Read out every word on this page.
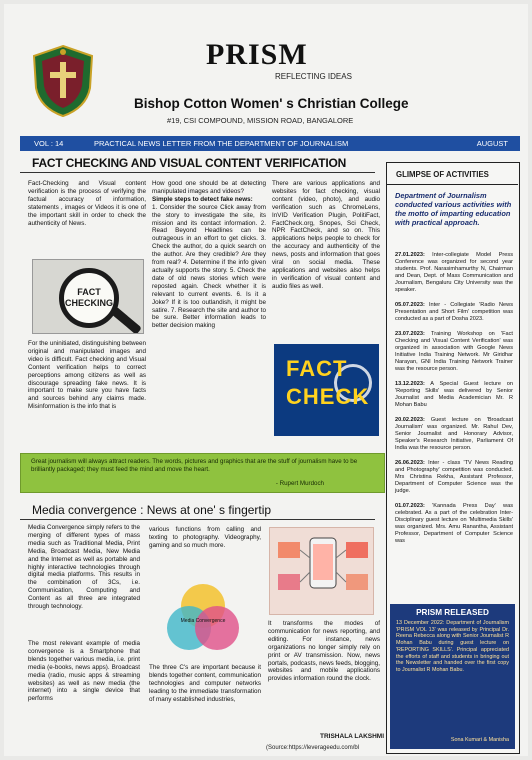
PRISM
REFLECTING IDEAS
Bishop Cotton Women' s Christian College
#19, CSI COMPOUND, MISSION ROAD, BANGALORE
VOL : 14	PRACTICAL NEWS LETTER FROM THE DEPARTMENT OF JOURNALISM	AUGUST
FACT CHECKING AND VISUAL CONTENT VERIFICATION

Fact-Checking and Visual content verification is the process of verifying the factual accuracy of information, statements , images or Videos it is one of the important skill in order to check the authenticity of News.

FACT CHECKING

For the uninitiated, distinguishing between original and manipulated images and video is difficult. Fact checking and Visual Content verification helps to correct perceptions among citizens as well as discourage spreading fake news. It is important to make sure you have facts and sources behind any claims made. Misinformation is the info that is

How good one should be at detecting manipulated images and videos?

Simple steps to detect fake news:

1. Consider the source Click away from the story to investigate the site, its mission and its contact information. 2. Read Beyond Headlines can be outrageous in an effort to get clicks. 3. Check the author, do a quick search on the author. Are they credible? Are they from real? 4. Determine if the info given actually supports the story. 5. Check the date of old news stories which were reposted again. Check whether it is relevant to current events. 6. Is it a Joke? If it is too outlandish, it might be satire. 7. Research the site and author to be sure. Better information leads to better decision making

There are various applications and websites for fact checking, visual content (video, photo), and audio verification such as ChromeLens, InVID Verification Plugin, PolitiFact, FactCheck.org, Snopes, Sci Check, NPR FactCheck, and so on. This applications helps people to check for the accuracy and authenticity of the news, posts and information that goes viral on social media. These applications and websites also helps in verification of visual content and audio files as well.

FACT
CHECK
Great journalism will always attract readers. The words, pictures and graphics that are the stuff of journalism have to be brilliantly packaged; they must feed the mind and move the heart.
- Rupert Murdoch
Media convergence : News at one' s fingertip

Media Convergence simply refers to the merging of different types of mass media such as Traditional Media, Print Media, Broadcast Media, New Media and the Internet as well as portable and highly interactive technologies through digital media platforms. This results in the combination of 3Cs, i.e. Communication, Computing and Content as all three are integrated through technology.

The most relevant example of media convergence is a Smartphone that blends together various media, i.e. print media (e-books, news apps). Broadcast media (radio, music apps & streaming websites) as well as new media (the internet) into a single device that performs

various functions from calling and texting to photography. Videography, gaming and so much more.

Media Convergence

The three C's are important because it blends together content, communication technologies and computer networks leading to the immediate transformation of many established industries,

It transforms the modes of communication for news reporting, and editing. For instance, news organizations no longer simply rely on print or AV transmission. Now, news portals, podcasts, news feeds, blogging, websites and mobile applications provides information round the clock.

TRISHALA LAKSHMI
(Source:https://leverageedu.com/bl
GLIMPSE OF ACTIVITIES
Department of Journalism conducted various activities with the motto of imparting education with practical approach.
27.01.2023: Inter-collegiate Model Press Conference was organized for second year students. Prof. Narasimhamurthy N, Chairman and Dean, Dept. of Mass Communication and Journalism, Bengaluru City University was the speaker.
05.07.2023: Inter - Collegiate 'Radio News Presentation and Short Film' competition was conducted as a part of Dosha 2023.
23.07.2023: Training Workshop on 'Fact Checking and Visual Content Verification' was organized in association with Google News Initiative India Training Network. Mr Giridhar Narayan, GNI India Training Network Trainer was the resource person.
13.12.2023: A Special Guest lecture on 'Reporting Skills' was delivered by Senior Journalist and Media Academician Mr. R Mohan Babu
20.02.2023: Guest lecture on 'Broadcast Journalism' was organized. Mr. Rahul Dev, Senior Journalist and Honorary Advisor, Speaker's Research Initiative, Parliament Of India was the resource person.
26.06.2023: Inter - class 'TV News Reading and Photography' competition was conducted. Mrs Christina Rekha, Assistant Professor, Department of Computer Science was the judge.
01.07.2023: 'Kannada Press Day' was celebrated. As a part of the celebration Inter-Disciplinary guest lecture on 'Multimedia Skills' was organized. Mrs. Amu Ranantha, Assistant Professor, Department of Computer Science was
PRISM RELEASED
13 December 2022: Department of Journalism 'PRISM VOL 13' was released by Principal Dr. Reena Rebecca along with Senior Journalist R Mohan Babu during guest lecture on 'REPORTING SKILLS'. Principal appreciated the efforts of staff and students in bringing out the Newsletter and handed over the first copy to Journalist R Mohan Babu.
Sona Kumari & Manisha
